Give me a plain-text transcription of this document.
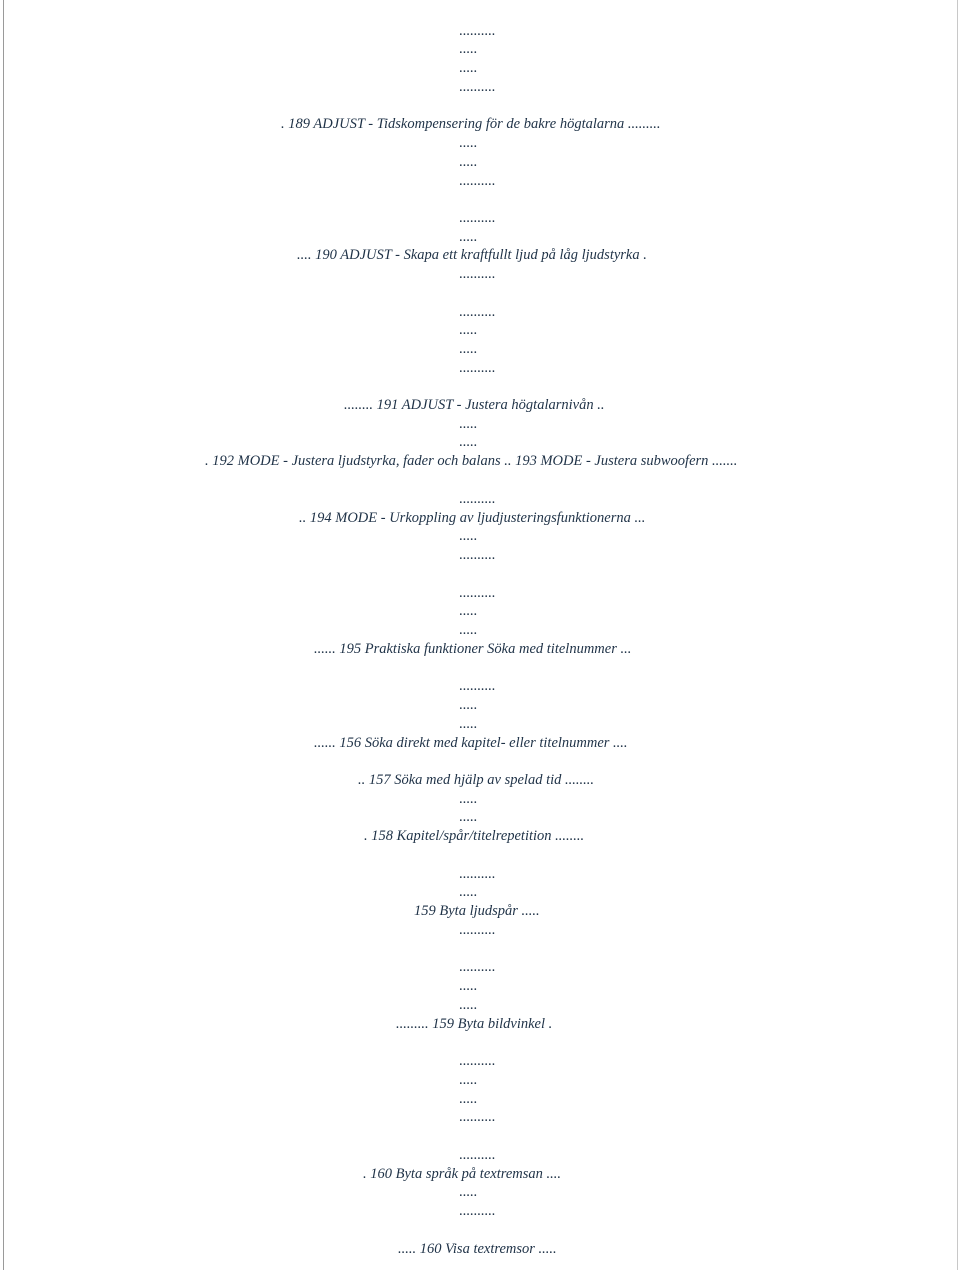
..........
.....
.....
..........
. 189 ADJUST - Tidskompensering för de bakre högtalarna .........
.....
.....
..........
..........
.....
.... 190 ADJUST - Skapa ett kraftfullt ljud på låg ljudstyrka .
..........
..........
.....
.....
..........
........ 191 ADJUST - Justera högtalarnivån ..
.....
.....
. 192 MODE - Justera ljudstyrka, fader och balans .. 193 MODE - Justera subwoofern .......
..........
.. 194 MODE - Urkoppling av ljudjusteringsfunktionerna ...
.....
..........
..........
.....
.....
...... 195 Praktiska funktioner Söka med titelnummer ...
..........
.....
.....
...... 156 Söka direkt med kapitel- eller titelnummer ....
.. 157 Söka med hjälp av spelad tid ........
.....
.....
. 158 Kapitel/spår/titelrepetition ........
..........
.....
159 Byta ljudspår .....
..........
..........
.....
.....
......... 159 Byta bildvinkel .
..........
.....
.....
..........
..........
. 160 Byta språk på textremsan ....
.....
..........
..... 160 Visa textremsor .....
